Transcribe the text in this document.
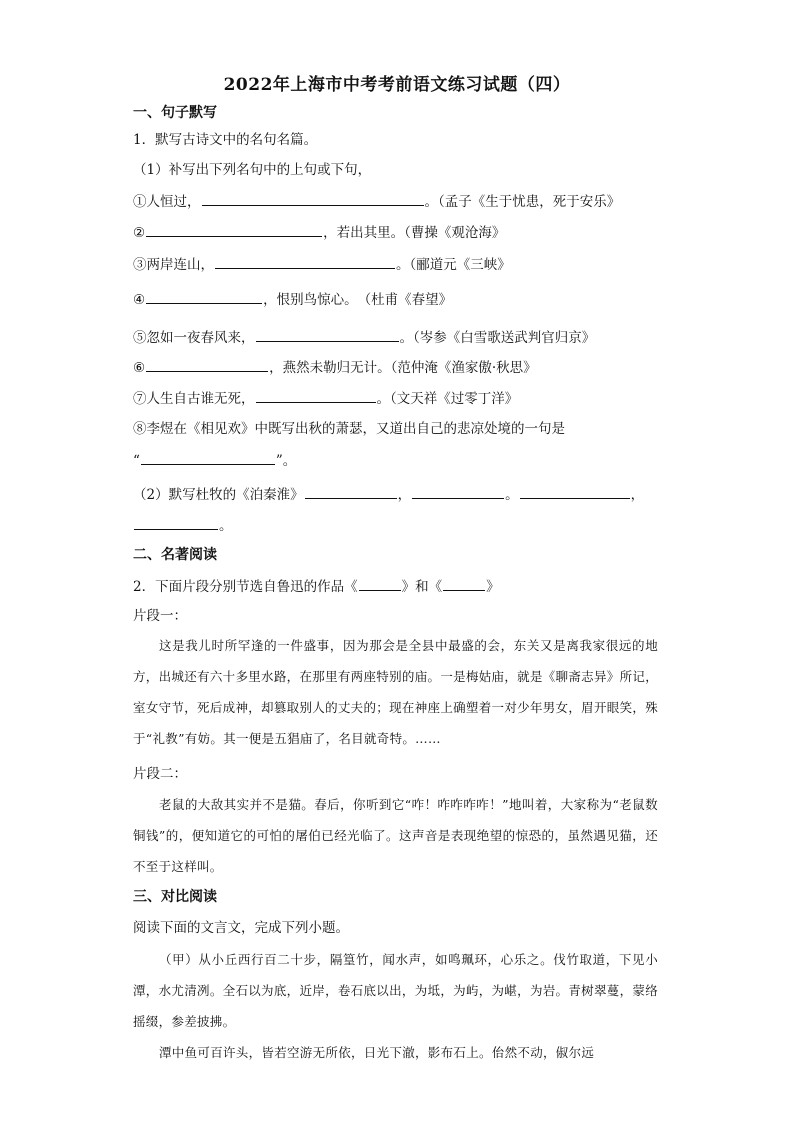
2022年上海市中考考前语文练习试题（四）
一、句子默写
1．默写古诗文中的名句名篇。
（1）补写出下列名句中的上句或下句，
①人恒过，	。（孟子《生于忧患，死于安乐》
②	，若出其里。（曹操《观沧海》
③两岸连山，	。（郦道元《三峡》
④	，恨别鸟惊心。　（杜甫《春望》
⑤忽如一夜春风来，	。（岑参《白雪歌送武判官归京》
⑥	，燕然未勒归无计。（范仲淹《渔家傲·秋思》
⑦人生自古谁无死，	。（文天祥《过零丁洋》
⑧李煜在《相见欢》中既写出秋的萧瑟，又道出自己的悲凉处境的一句是
“	”。
（2）默写杜牧的《泊秦淮》	，	。	，
。
二、名著阅读
2．下面片段分别节选自鲁迅的作品《	》和《	》
片段一：

这是我儿时所罕逢的一件盛事，因为那会是全县中最盛的会，东关又是离我家很远的地方，出城还有六十多里水路，在那里有两座特别的庙。一是梅姑庙，就是《聊斋志异》所记，室女守节，死后成神，却篡取别人的丈夫的；现在神座上确塑着一对少年男女，眉开眼笑，殊于“礼教”有妨。其一便是五猖庙了，名目就奇特。……

片段二：

老鼠的大敌其实并不是猫。春后，你听到它“咋！咋咋咋咋！”地叫着，大家称为“老鼠数铜钱”的，便知道它的可怕的屠伯已经光临了。这声音是表现绝望的惊恐的，虽然遇见猫，还不至于这样叫。

三、对比阅读
阅读下面的文言文，完成下列小题。

（甲）从小丘西行百二十步，隔篁竹，闻水声，如鸣珮环，心乐之。伐竹取道，下见小潭，水尤清冽。全石以为底，近岸，卷石底以出，为坻，为屿，为嵁，为岩。青树翠蔓，蒙络摇缀，参差披拂。

潭中鱼可百许头，皆若空游无所依，日光下澈，影布石上。佁然不动，俶尔远
